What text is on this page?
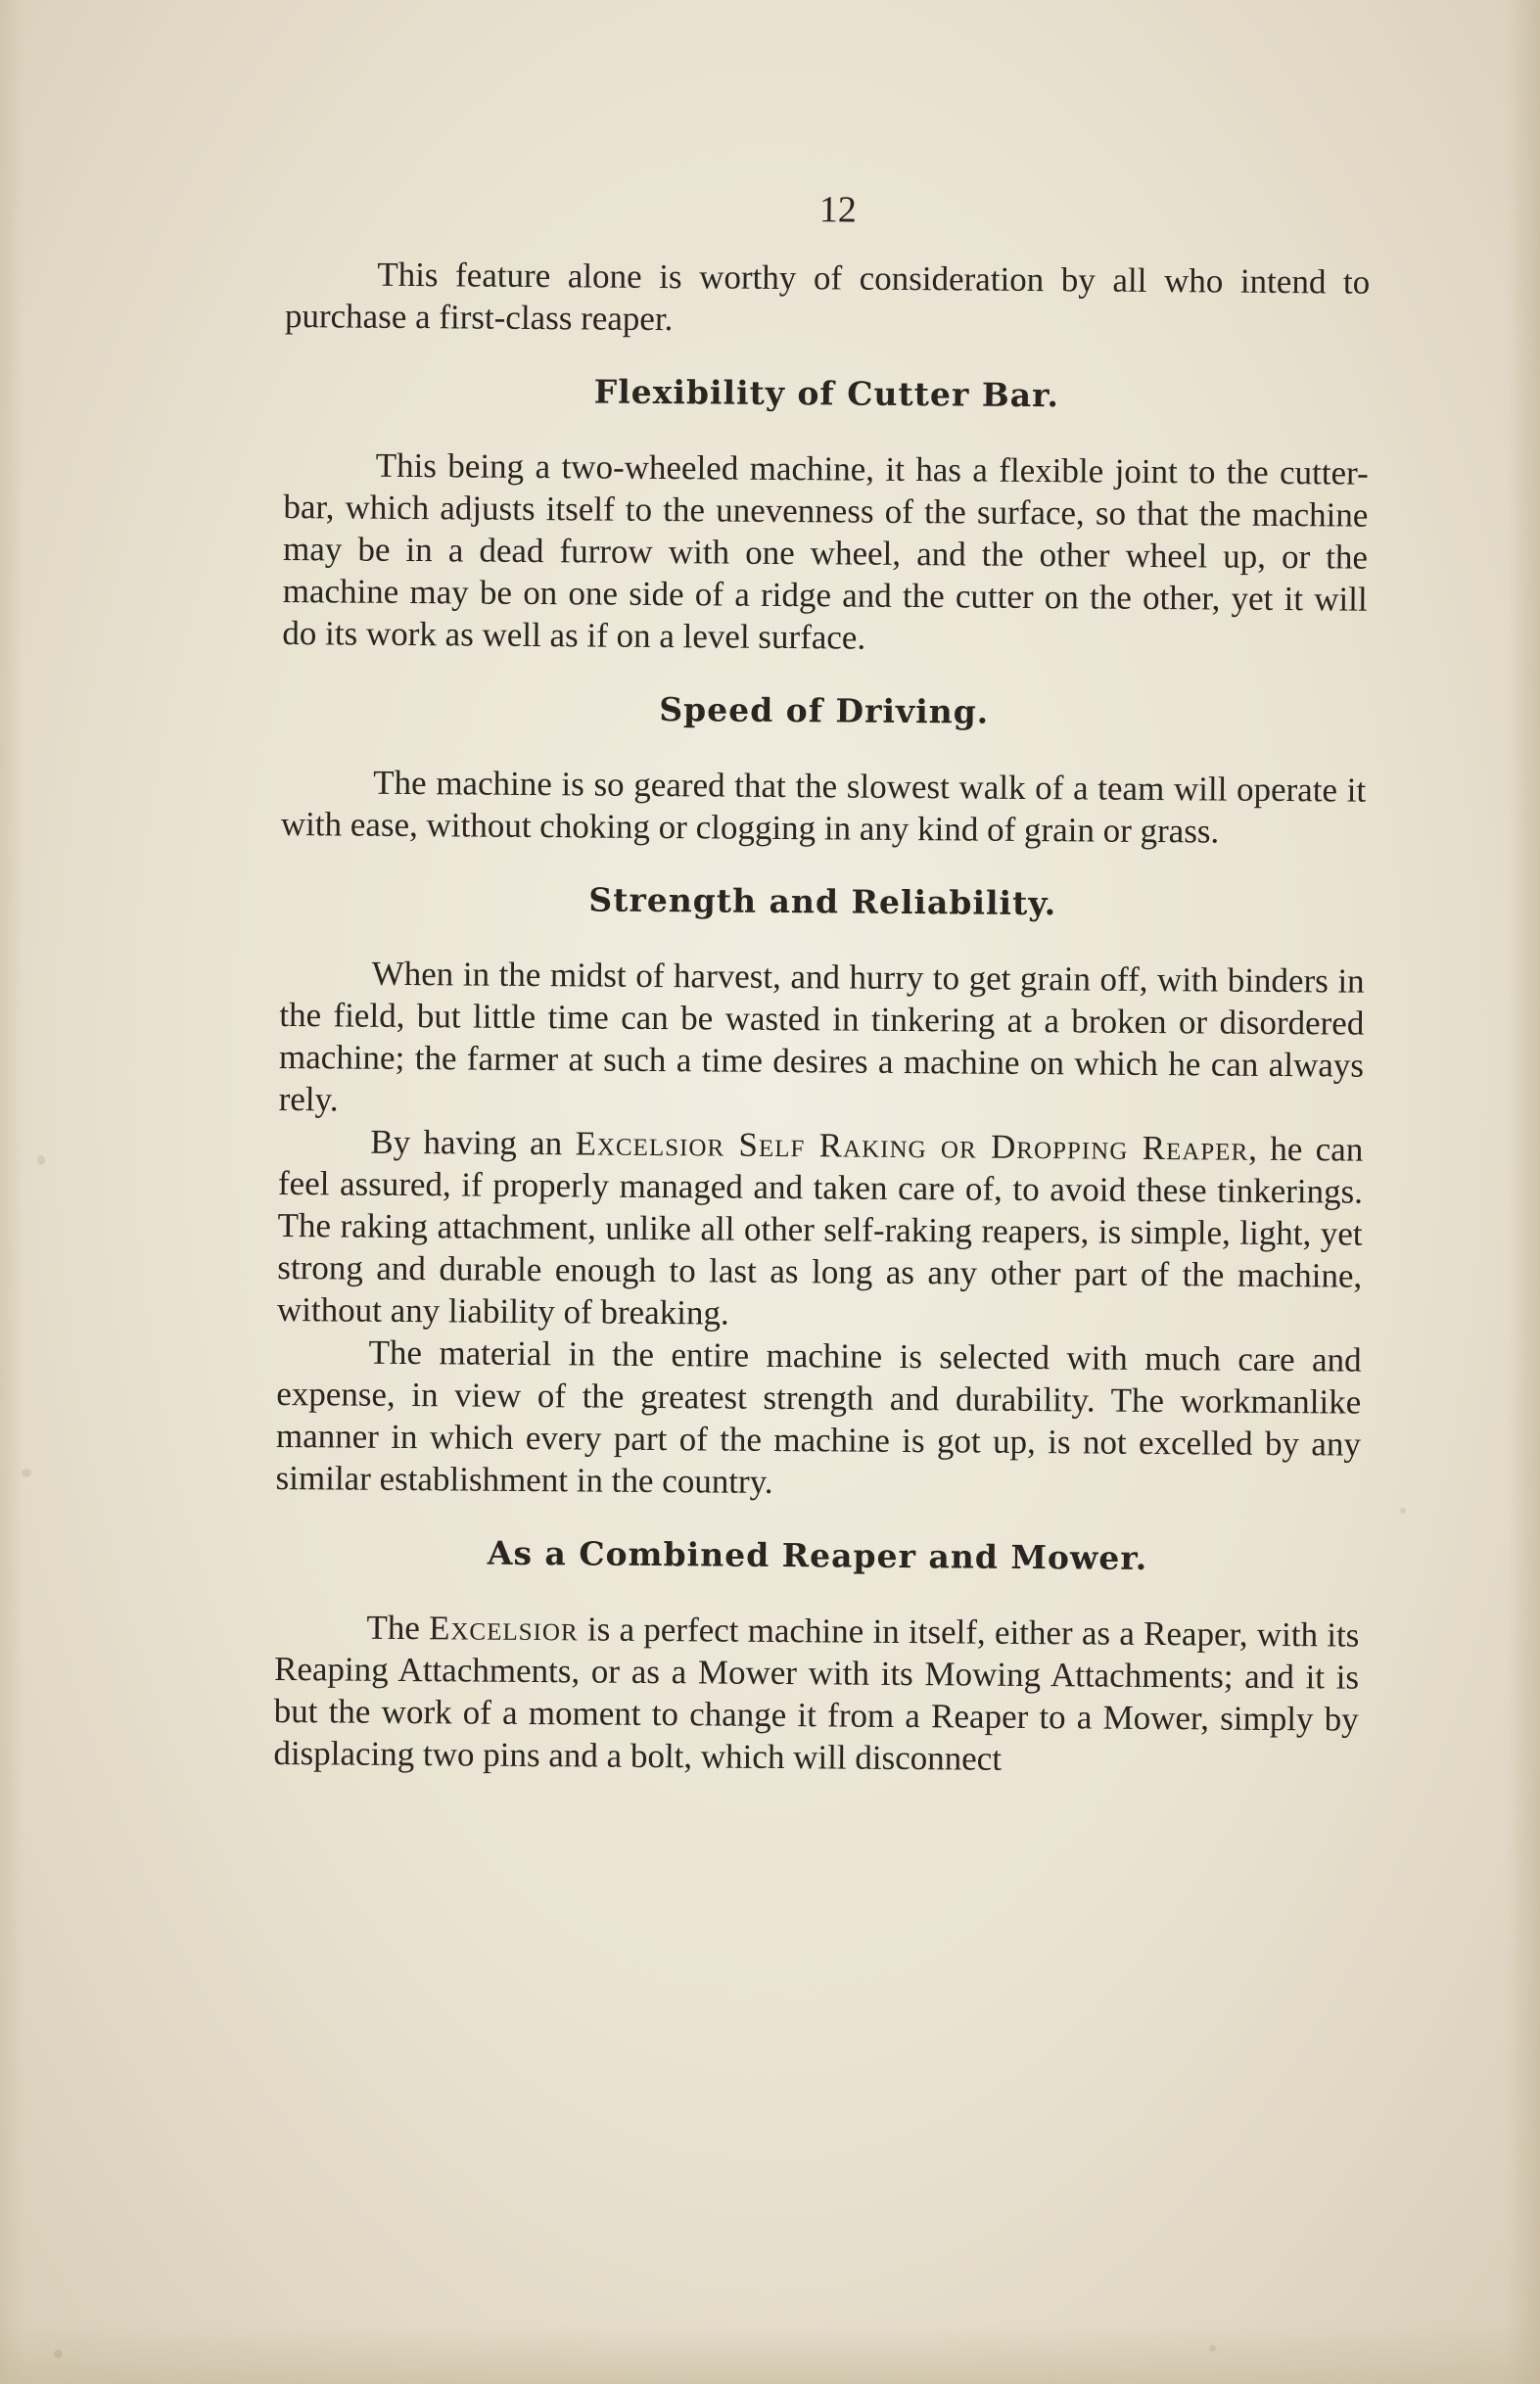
12

This feature alone is worthy of consideration by all who intend to purchase a first-class reaper.

Flexibility of Cutter Bar.

This being a two-wheeled machine, it has a flexible joint to the cutter-bar, which adjusts itself to the unevenness of the surface, so that the machine may be in a dead furrow with one wheel, and the other wheel up, or the machine may be on one side of a ridge and the cutter on the other, yet it will do its work as well as if on a level surface.

Speed of Driving.

The machine is so geared that the slowest walk of a team will operate it with ease, without choking or clogging in any kind of grain or grass.

Strength and Reliability.

When in the midst of harvest, and hurry to get grain off, with binders in the field, but little time can be wasted in tinkering at a broken or disordered machine; the farmer at such a time desires a machine on which he can always rely.

By having an Excelsior Self Raking or Dropping Reaper, he can feel assured, if properly managed and taken care of, to avoid these tinkerings. The raking attachment, unlike all other self-raking reapers, is simple, light, yet strong and durable enough to last as long as any other part of the machine, without any liability of breaking.

The material in the entire machine is selected with much care and expense, in view of the greatest strength and durability. The workmanlike manner in which every part of the machine is got up, is not excelled by any similar establishment in the country.

As a Combined Reaper and Mower.

The Excelsior is a perfect machine in itself, either as a Reaper, with its Reaping Attachments, or as a Mower with its Mowing Attachments; and it is but the work of a moment to change it from a Reaper to a Mower, simply by displacing two pins and a bolt, which will disconnect
